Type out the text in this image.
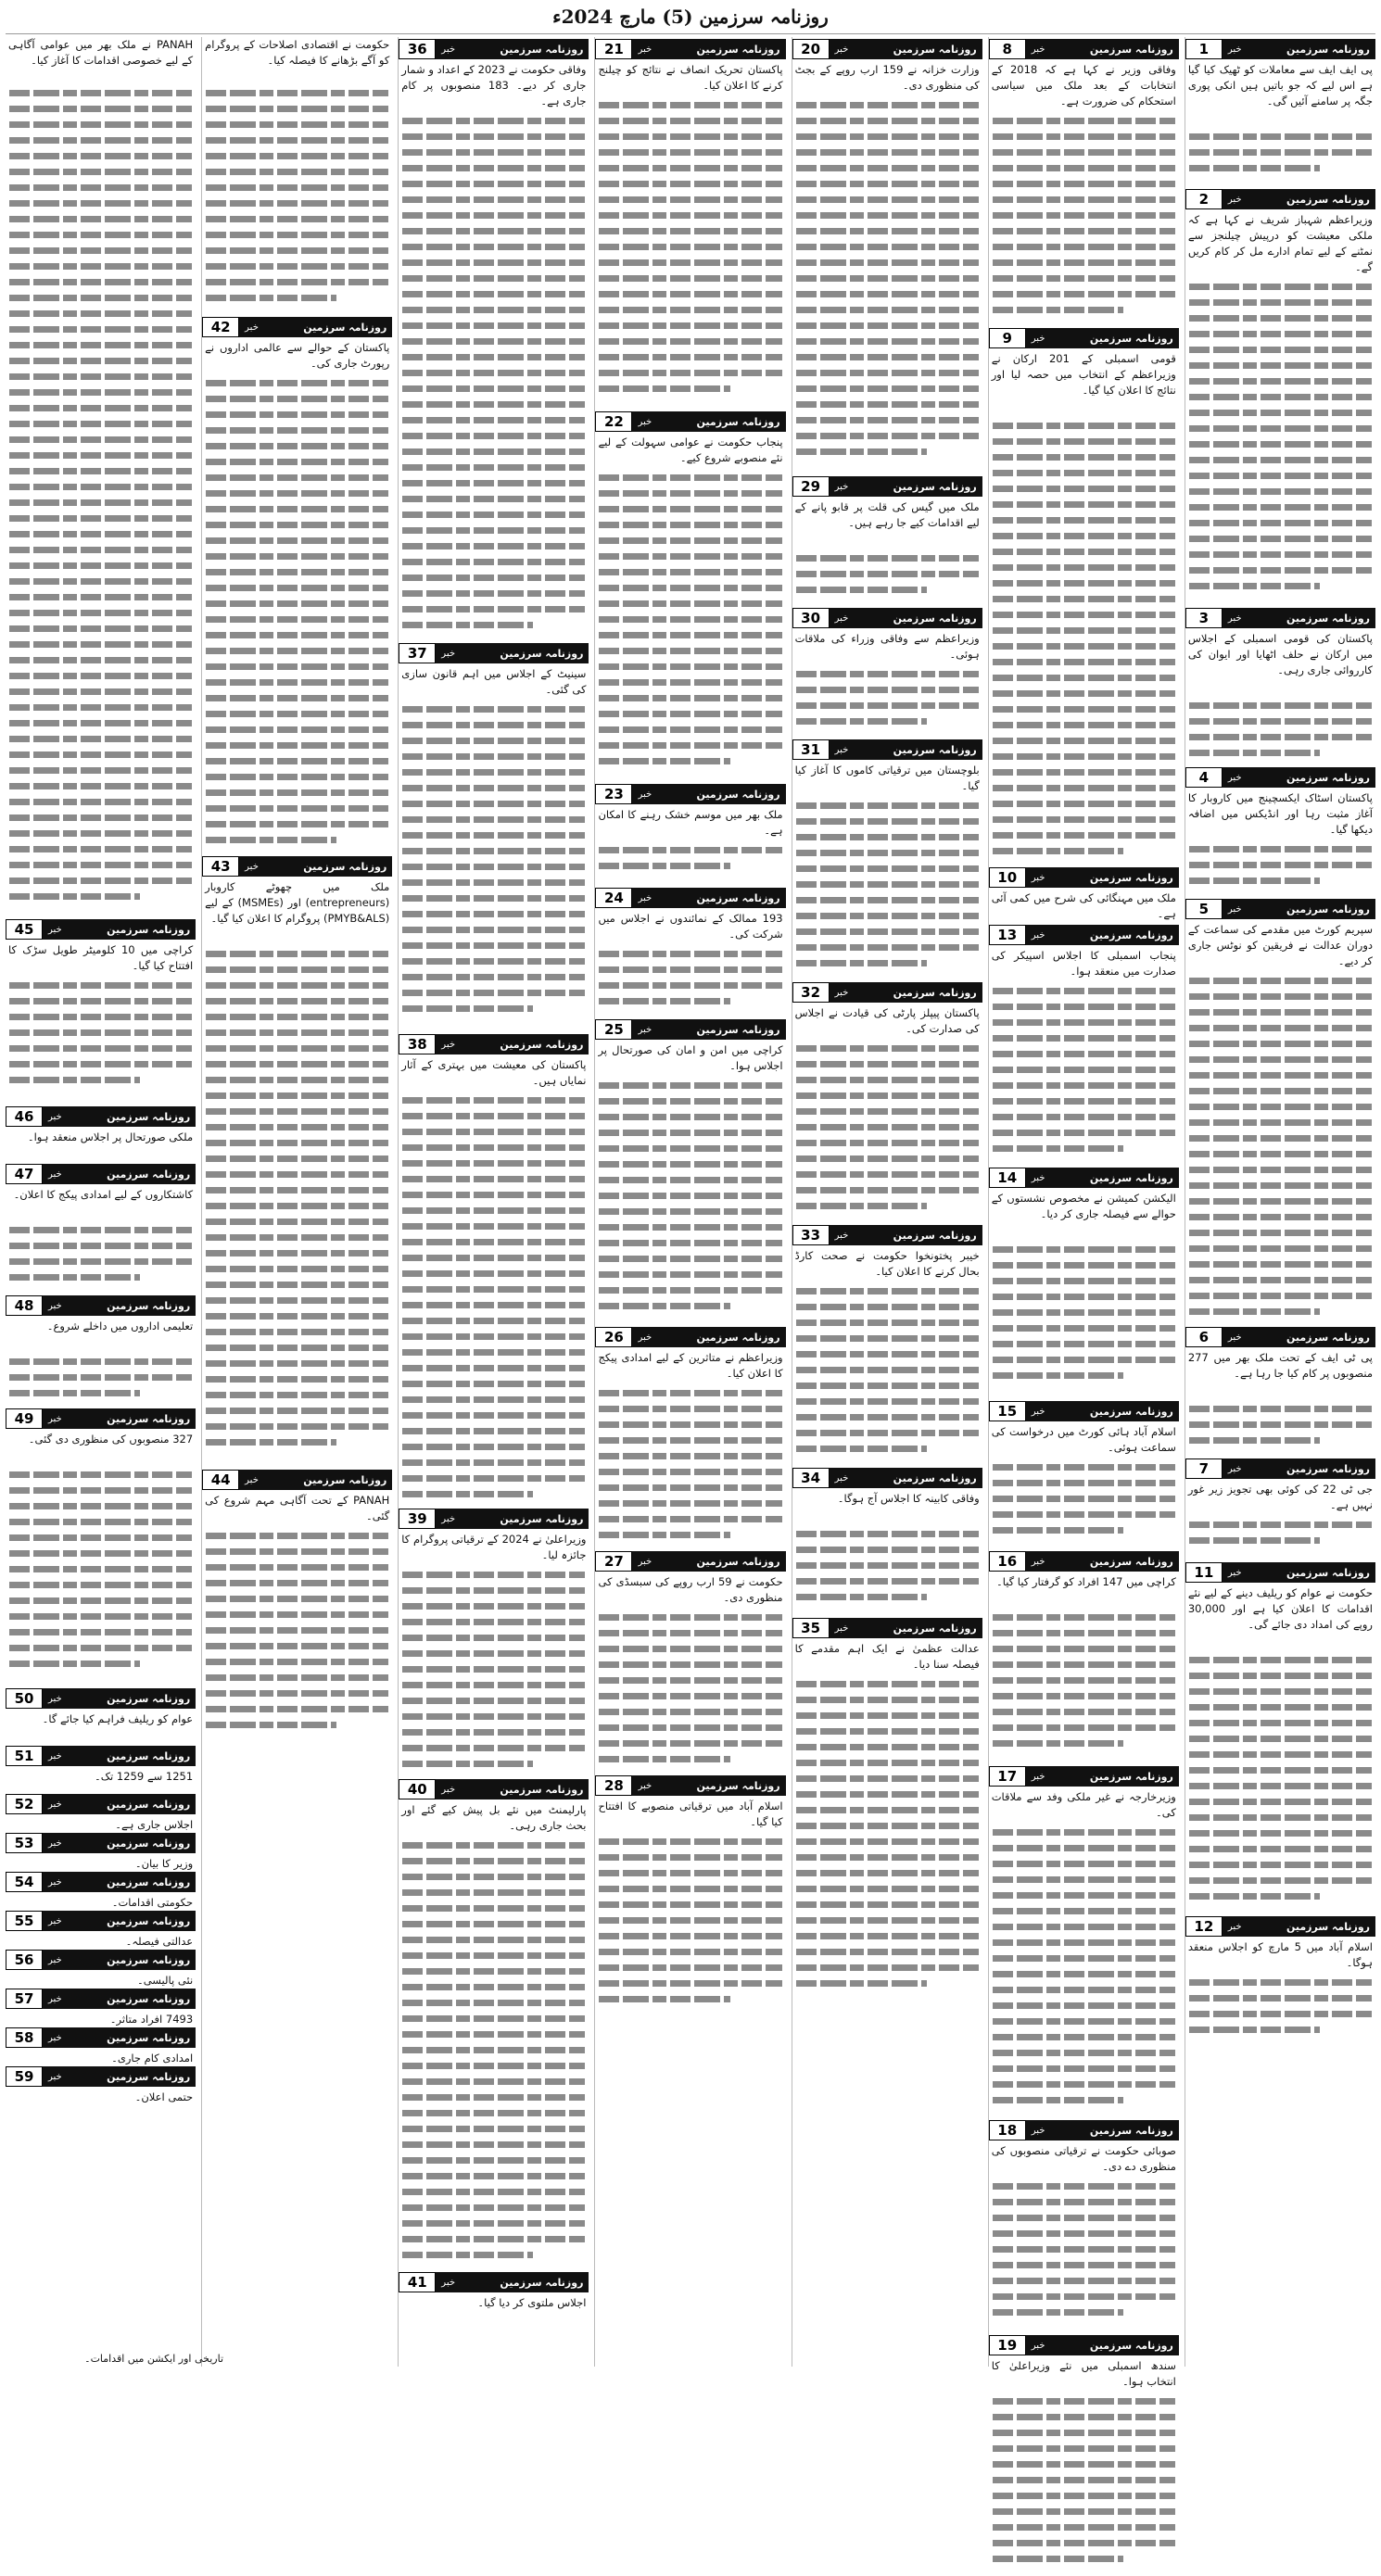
روزنامہ سرزمین (5) مارچ 2024ء
1	روزنامہ سرزمین
خبر
پی ایف ایف سے معاملات کو ٹھیک کیا گیا ہے اس لیے کہ جو باتیں ہیں انکی پوری جگہ پر سامنے آئیں گی۔
2	روزنامہ سرزمین
خبر
وزیراعظم شہباز شریف نے کہا ہے کہ ملکی معیشت کو درپیش چیلنجز سے نمٹنے کے لیے تمام ادارے مل کر کام کریں گے۔
3	روزنامہ سرزمین
خبر
پاکستان کی قومی اسمبلی کے اجلاس میں ارکان نے حلف اٹھایا اور ایوان کی کارروائی جاری رہی۔
4	روزنامہ سرزمین
خبر
پاکستان اسٹاک ایکسچینج میں کاروبار کا آغاز مثبت رہا اور انڈیکس میں اضافہ دیکھا گیا۔
5	روزنامہ سرزمین
خبر
سپریم کورٹ میں مقدمے کی سماعت کے دوران عدالت نے فریقین کو نوٹس جاری کر دیے۔
6	روزنامہ سرزمین
خبر
پی ٹی ایف کے تحت ملک بھر میں 277 منصوبوں پر کام کیا جا رہا ہے۔
7	روزنامہ سرزمین
خبر
جی ٹی 22 کی کوئی بھی تجویز زیر غور نہیں ہے۔
11	روزنامہ سرزمین
خبر
حکومت نے عوام کو ریلیف دینے کے لیے نئے اقدامات کا اعلان کیا ہے اور 30,000 روپے کی امداد دی جائے گی۔
12	روزنامہ سرزمین
خبر
اسلام آباد میں 5 مارچ کو اجلاس منعقد ہوگا۔
8	روزنامہ سرزمین
خبر
وفاقی وزیر نے کہا ہے کہ 2018 کے انتخابات کے بعد ملک میں سیاسی استحکام کی ضرورت ہے۔
9	روزنامہ سرزمین
خبر
قومی اسمبلی کے 201 ارکان نے وزیراعظم کے انتخاب میں حصہ لیا اور نتائج کا اعلان کیا گیا۔
10	روزنامہ سرزمین
خبر
ملک میں مہنگائی کی شرح میں کمی آئی ہے۔
13	روزنامہ سرزمین
خبر
پنجاب اسمبلی کا اجلاس اسپیکر کی صدارت میں منعقد ہوا۔
14	روزنامہ سرزمین
خبر
الیکشن کمیشن نے مخصوص نشستوں کے حوالے سے فیصلہ جاری کر دیا۔
15	روزنامہ سرزمین
خبر
اسلام آباد ہائی کورٹ میں درخواست کی سماعت ہوئی۔
16	روزنامہ سرزمین
خبر
کراچی میں 147 افراد کو گرفتار کیا گیا۔
17	روزنامہ سرزمین
خبر
وزیرخارجہ نے غیر ملکی وفد سے ملاقات کی۔
18	روزنامہ سرزمین
خبر
صوبائی حکومت نے ترقیاتی منصوبوں کی منظوری دے دی۔
19	روزنامہ سرزمین
خبر
سندھ اسمبلی میں نئے وزیراعلیٰ کا انتخاب ہوا۔
20	روزنامہ سرزمین
خبر
وزارت خزانہ نے 159 ارب روپے کے بجٹ کی منظوری دی۔
29	روزنامہ سرزمین
خبر
ملک میں گیس کی قلت پر قابو پانے کے لیے اقدامات کیے جا رہے ہیں۔
30	روزنامہ سرزمین
خبر
وزیراعظم سے وفاقی وزراء کی ملاقات ہوئی۔
31	روزنامہ سرزمین
خبر
بلوچستان میں ترقیاتی کاموں کا آغاز کیا گیا۔
32	روزنامہ سرزمین
خبر
پاکستان پیپلز پارٹی کی قیادت نے اجلاس کی صدارت کی۔
33	روزنامہ سرزمین
خبر
خیبر پختونخوا حکومت نے صحت کارڈ بحال کرنے کا اعلان کیا۔
34	روزنامہ سرزمین
خبر
وفاقی کابینہ کا اجلاس آج ہوگا۔
35	روزنامہ سرزمین
خبر
عدالت عظمیٰ نے ایک اہم مقدمے کا فیصلہ سنا دیا۔
21	روزنامہ سرزمین
خبر
پاکستان تحریک انصاف نے نتائج کو چیلنج کرنے کا اعلان کیا۔
22	روزنامہ سرزمین
خبر
پنجاب حکومت نے عوامی سہولت کے لیے نئے منصوبے شروع کیے۔
23	روزنامہ سرزمین
خبر
ملک بھر میں موسم خشک رہنے کا امکان ہے۔
24	روزنامہ سرزمین
خبر
193 ممالک کے نمائندوں نے اجلاس میں شرکت کی۔
25	روزنامہ سرزمین
خبر
کراچی میں امن و امان کی صورتحال پر اجلاس ہوا۔
26	روزنامہ سرزمین
خبر
وزیراعظم نے متاثرین کے لیے امدادی پیکج کا اعلان کیا۔
27	روزنامہ سرزمین
خبر
حکومت نے 59 ارب روپے کی سبسڈی کی منظوری دی۔
28	روزنامہ سرزمین
خبر
اسلام آباد میں ترقیاتی منصوبے کا افتتاح کیا گیا۔
36	روزنامہ سرزمین
خبر
وفاقی حکومت نے 2023 کے اعداد و شمار جاری کر دیے۔ 183 منصوبوں پر کام جاری ہے۔
37	روزنامہ سرزمین
خبر
سینیٹ کے اجلاس میں اہم قانون سازی کی گئی۔
38	روزنامہ سرزمین
خبر
پاکستان کی معیشت میں بہتری کے آثار نمایاں ہیں۔
39	روزنامہ سرزمین
خبر
وزیراعلیٰ نے 2024 کے ترقیاتی پروگرام کا جائزہ لیا۔
40	روزنامہ سرزمین
خبر
پارلیمنٹ میں نئے بل پیش کیے گئے اور بحث جاری رہی۔
41	روزنامہ سرزمین
خبر
اجلاس ملتوی کر دیا گیا۔
حکومت نے اقتصادی اصلاحات کے پروگرام کو آگے بڑھانے کا فیصلہ کیا۔
42	روزنامہ سرزمین
خبر
پاکستان کے حوالے سے عالمی اداروں نے رپورٹ جاری کی۔
43	روزنامہ سرزمین
خبر
ملک میں چھوٹے کاروبار (entrepreneurs) اور (MSMEs) کے لیے (PMYB&ALS) پروگرام کا اعلان کیا گیا۔
44	روزنامہ سرزمین
خبر
PANAH کے تحت آگاہی مہم شروع کی گئی۔
PANAH نے ملک بھر میں عوامی آگاہی کے لیے خصوصی اقدامات کا آغاز کیا۔
45	روزنامہ سرزمین
خبر
کراچی میں 10 کلومیٹر طویل سڑک کا افتتاح کیا گیا۔
46	روزنامہ سرزمین
خبر
ملکی صورتحال پر اجلاس منعقد ہوا۔
47	روزنامہ سرزمین
خبر
کاشتکاروں کے لیے امدادی پیکج کا اعلان۔
48	روزنامہ سرزمین
خبر
تعلیمی اداروں میں داخلے شروع۔
49	روزنامہ سرزمین
خبر
327 منصوبوں کی منظوری دی گئی۔
50	روزنامہ سرزمین
خبر
عوام کو ریلیف فراہم کیا جائے گا۔
51	روزنامہ سرزمین
خبر
1251 سے 1259 تک۔
52	روزنامہ سرزمین
خبر
اجلاس جاری ہے۔
53	روزنامہ سرزمین
خبر
وزیر کا بیان۔
54	روزنامہ سرزمین
خبر
حکومتی اقدامات۔
55	روزنامہ سرزمین
خبر
عدالتی فیصلہ۔
56	روزنامہ سرزمین
خبر
نئی پالیسی۔
57	روزنامہ سرزمین
خبر
7493 افراد متاثر۔
58	روزنامہ سرزمین
خبر
امدادی کام جاری۔
59	روزنامہ سرزمین
خبر
حتمی اعلان۔
تاریخی اور ایکشن میں اقدامات۔
